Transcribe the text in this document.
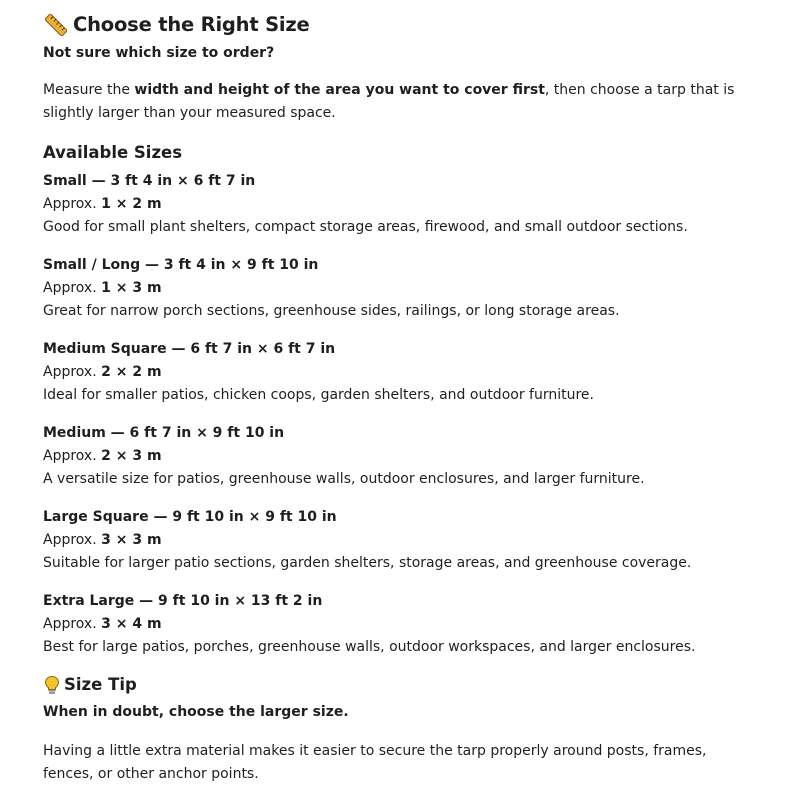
Choose the Right Size
Not sure which size to order?

Measure the width and height of the area you want to cover first, then choose a tarp that is slightly larger than your measured space.

Available Sizes
Small — 3 ft 4 in × 6 ft 7 in
Approx. 1 × 2 m
Good for small plant shelters, compact storage areas, firewood, and small outdoor sections.
Small / Long — 3 ft 4 in × 9 ft 10 in
Approx. 1 × 3 m
Great for narrow porch sections, greenhouse sides, railings, or long storage areas.
Medium Square — 6 ft 7 in × 6 ft 7 in
Approx. 2 × 2 m
Ideal for smaller patios, chicken coops, garden shelters, and outdoor furniture.
Medium — 6 ft 7 in × 9 ft 10 in
Approx. 2 × 3 m
A versatile size for patios, greenhouse walls, outdoor enclosures, and larger furniture.
Large Square — 9 ft 10 in × 9 ft 10 in
Approx. 3 × 3 m
Suitable for larger patio sections, garden shelters, storage areas, and greenhouse coverage.
Extra Large — 9 ft 10 in × 13 ft 2 in
Approx. 3 × 4 m
Best for large patios, porches, greenhouse walls, outdoor workspaces, and larger enclosures.
Size Tip
When in doubt, choose the larger size.

Having a little extra material makes it easier to secure the tarp properly around posts, frames, fences, or other anchor points.
